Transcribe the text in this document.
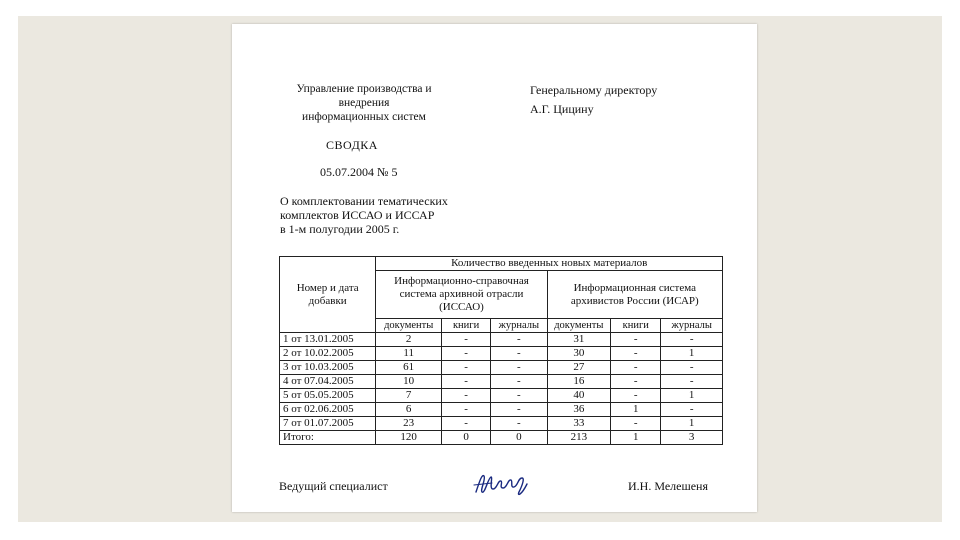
Управление производства и внедрения информационных систем
Генеральному директору
А.Г. Цицину
СВОДКА
05.07.2004 № 5
О комплектовании тематических
комплектов ИССАО и ИССАР
в 1-м полугодии 2005 г.
Номер и дата добавки	Количество введенных новых материалов					
	Информационно-справочная система архивной отрасли (ИССАО)			Информационная система архивистов России (ИСАР)		
	документы	книги	журналы	документы	книги	журналы
1 от 13.01.2005	2	-	-	31	-	-
2 от 10.02.2005	11	-	-	30	-	1
3 от 10.03.2005	61	-	-	27	-	-
4 от 07.04.2005	10	-	-	16	-	-
5 от 05.05.2005	7	-	-	40	-	1
6 от 02.06.2005	6	-	-	36	1	-
7 от 01.07.2005	23	-	-	33	-	1
Итого:	120	0	0	213	1	3
Ведущий специалист	И.Н. Мелешеня
